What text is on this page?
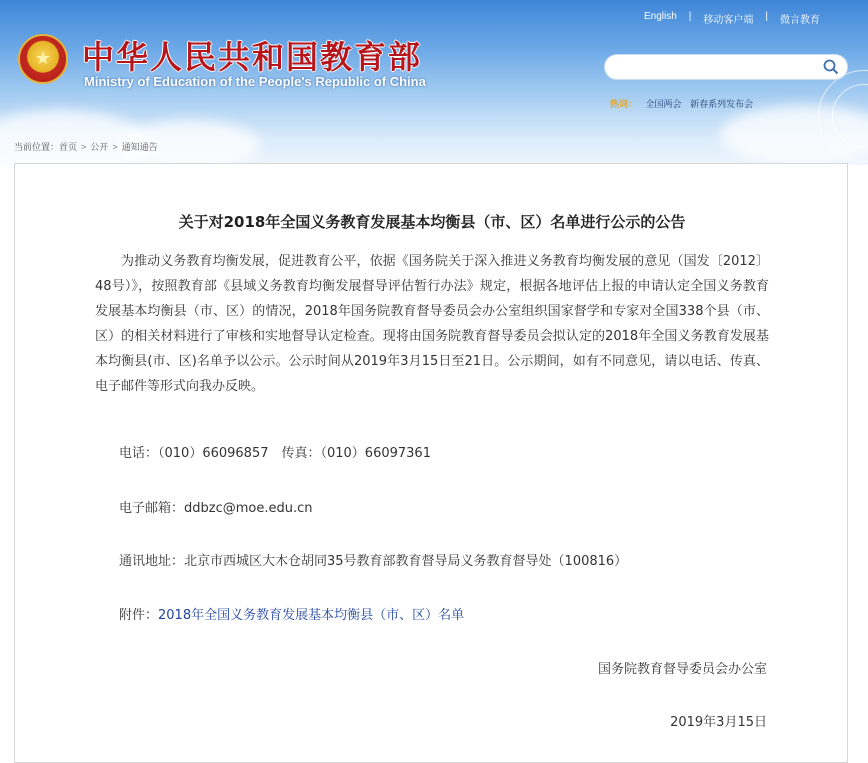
★ 中华人民共和国教育部
Ministry of Education of the People's Republic of China
English	|	移动客户端	|	微言教育
热词： 全国两会 新春系列发布会
当前位置：首页 > 公开 > 通知通告
关于对2018年全国义务教育发展基本均衡县（市、区）名单进行公示的公告
为推动义务教育均衡发展，促进教育公平，依据《国务院关于深入推进义务教育均衡发展的意见（国发〔2012〕48号）》，按照教育部《县域义务教育均衡发展督导评估暂行办法》规定，根据各地评估上报的申请认定全国义务教育发展基本均衡县（市、区）的情况，2018年国务院教育督导委员会办公室组织国家督学和专家对全国338个县（市、区）的相关材料进行了审核和实地督导认定检查。现将由国务院教育督导委员会拟认定的2018年全国义务教育发展基本均衡县(市、区)名单予以公示。公示时间从2019年3月15日至21日。公示期间，如有不同意见，请以电话、传真、电子邮件等形式向我办反映。
电话：（010）66096857　传真：（010）66097361
电子邮箱：ddbzc@moe.edu.cn
通讯地址：北京市西城区大木仓胡同35号教育部教育督导局义务教育督导处（100816）
附件：2018年全国义务教育发展基本均衡县（市、区）名单
国务院教育督导委员会办公室
2019年3月15日
